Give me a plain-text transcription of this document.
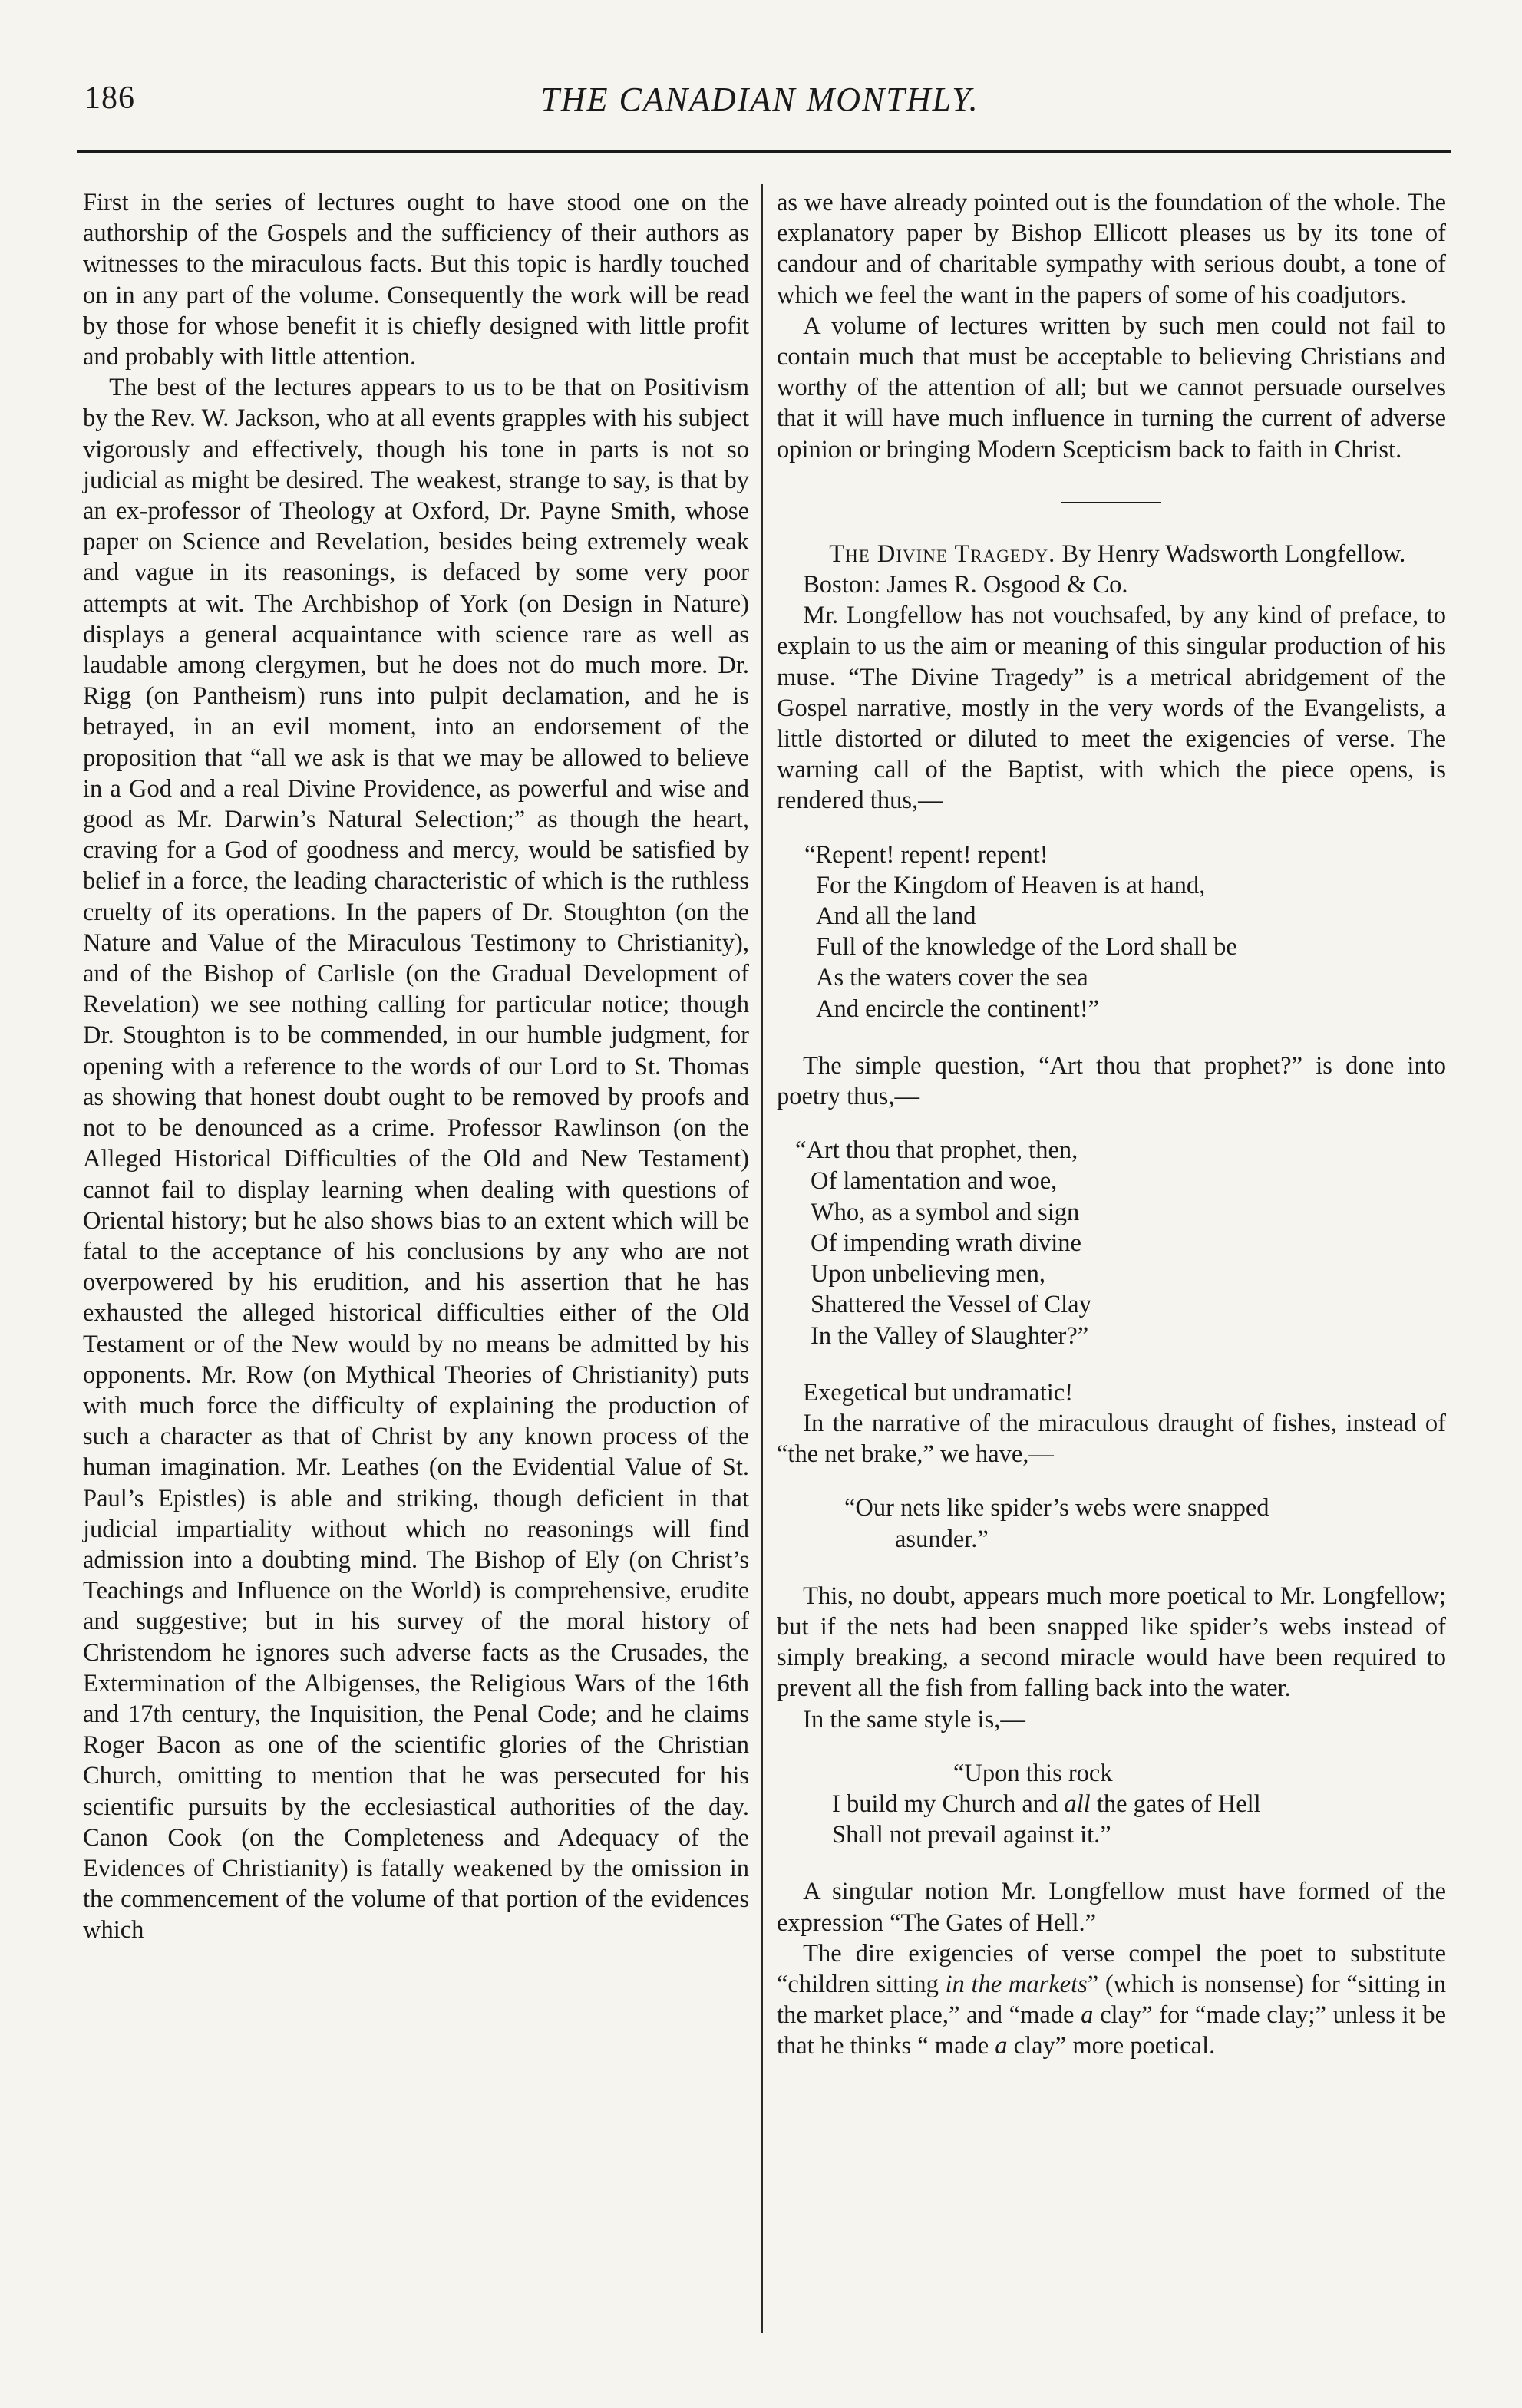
186	THE CANADIAN MONTHLY.

First in the series of lectures ought to have stood one on the authorship of the Gospels and the sufficiency of their authors as witnesses to the miraculous facts. But this topic is hardly touched on in any part of the volume. Consequently the work will be read by those for whose benefit it is chiefly designed with little profit and probably with little attention.

The best of the lectures appears to us to be that on Positivism by the Rev. W. Jackson, who at all events grapples with his subject vigorously and effectively, though his tone in parts is not so judicial as might be desired. The weakest, strange to say, is that by an ex-professor of Theology at Oxford, Dr. Payne Smith, whose paper on Science and Revelation, besides being extremely weak and vague in its reasonings, is defaced by some very poor attempts at wit. The Archbishop of York (on Design in Nature) displays a general acquaintance with science rare as well as laudable among clergymen, but he does not do much more. Dr. Rigg (on Pantheism) runs into pulpit declamation, and he is betrayed, in an evil moment, into an endorsement of the proposition that “all we ask is that we may be allowed to believe in a God and a real Divine Providence, as powerful and wise and good as Mr. Darwin’s Natural Selection;” as though the heart, craving for a God of goodness and mercy, would be satisfied by belief in a force, the leading characteristic of which is the ruthless cruelty of its operations. In the papers of Dr. Stoughton (on the Nature and Value of the Miraculous Testimony to Christianity), and of the Bishop of Carlisle (on the Gradual Development of Revelation) we see nothing calling for particular notice; though Dr. Stoughton is to be commended, in our humble judgment, for opening with a reference to the words of our Lord to St. Thomas as showing that honest doubt ought to be removed by proofs and not to be denounced as a crime. Professor Rawlinson (on the Alleged Historical Difficulties of the Old and New Testament) cannot fail to display learning when dealing with questions of Oriental history; but he also shows bias to an extent which will be fatal to the acceptance of his conclusions by any who are not overpowered by his erudition, and his assertion that he has exhausted the alleged historical difficulties either of the Old Testament or of the New would by no means be admitted by his opponents. Mr. Row (on Mythical Theories of Christianity) puts with much force the difficulty of explaining the production of such a character as that of Christ by any known process of the human imagination. Mr. Leathes (on the Evidential Value of St. Paul’s Epistles) is able and striking, though deficient in that judicial impartiality without which no reasonings will find admission into a doubting mind. The Bishop of Ely (on Christ’s Teachings and Influence on the World) is comprehensive, erudite and suggestive; but in his survey of the moral history of Christendom he ignores such adverse facts as the Crusades, the Extermination of the Albigenses, the Religious Wars of the 16th and 17th century, the Inquisition, the Penal Code; and he claims Roger Bacon as one of the scientific glories of the Christian Church, omitting to mention that he was persecuted for his scientific pursuits by the ecclesiastical authorities of the day. Canon Cook (on the Completeness and Adequacy of the Evidences of Christianity) is fatally weakened by the omission in the commencement of the volume of that portion of the evidences which

as we have already pointed out is the foundation of the whole. The explanatory paper by Bishop Ellicott pleases us by its tone of candour and of charitable sympathy with serious doubt, a tone of which we feel the want in the papers of some of his coadjutors.

A volume of lectures written by such men could not fail to contain much that must be acceptable to believing Christians and worthy of the attention of all; but we cannot persuade ourselves that it will have much influence in turning the current of adverse opinion or bringing Modern Scepticism back to faith in Christ.

The Divine Tragedy. By Henry Wadsworth Longfellow. Boston: James R. Osgood & Co.

Mr. Longfellow has not vouchsafed, by any kind of preface, to explain to us the aim or meaning of this singular production of his muse. “The Divine Tragedy” is a metrical abridgement of the Gospel narrative, mostly in the very words of the Evangelists, a little distorted or diluted to meet the exigencies of verse. The warning call of the Baptist, with which the piece opens, is rendered thus,—

“Repent! repent! repent!
For the Kingdom of Heaven is at hand,
And all the land
Full of the knowledge of the Lord shall be
As the waters cover the sea
And encircle the continent!”

The simple question, “Art thou that prophet?” is done into poetry thus,—

“Art thou that prophet, then,
Of lamentation and woe,
Who, as a symbol and sign
Of impending wrath divine
Upon unbelieving men,
Shattered the Vessel of Clay
In the Valley of Slaughter?”

Exegetical but undramatic!

In the narrative of the miraculous draught of fishes, instead of “the net brake,” we have,—

“Our nets like spider’s webs were snapped
asunder.”

This, no doubt, appears much more poetical to Mr. Longfellow; but if the nets had been snapped like spider’s webs instead of simply breaking, a second miracle would have been required to prevent all the fish from falling back into the water.

In the same style is,—

“Upon this rock
I build my Church and all the gates of Hell
Shall not prevail against it.”

A singular notion Mr. Longfellow must have formed of the expression “The Gates of Hell.”

The dire exigencies of verse compel the poet to substitute “children sitting in the markets” (which is nonsense) for “sitting in the market place,” and “made a clay” for “made clay;” unless it be that he thinks “ made a clay” more poetical.
